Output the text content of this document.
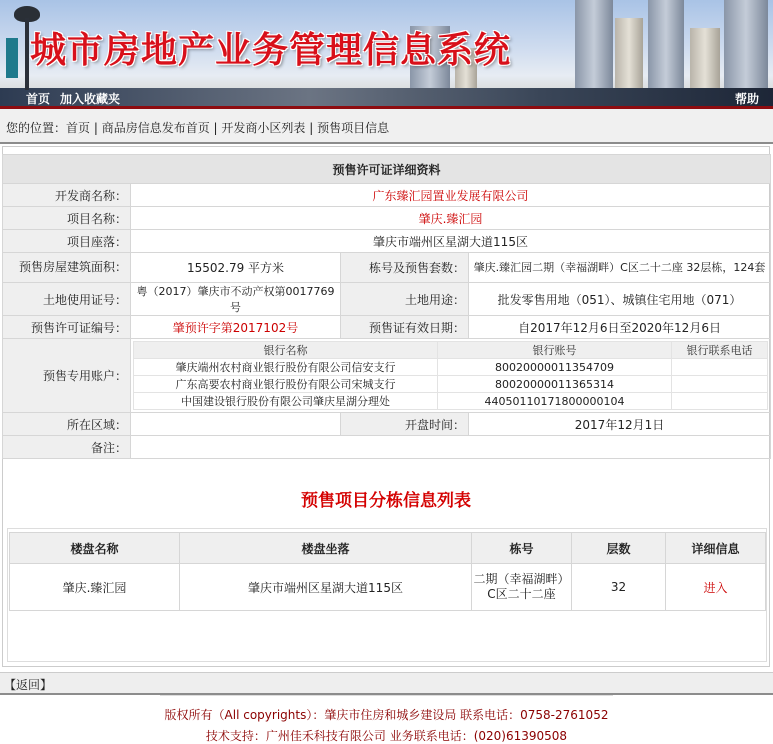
城市房地产业务管理信息系统
首页 加入收藏夹	帮助
您的位置：首页 | 商品房信息发布首页 | 开发商小区列表 | 预售项目信息
预售许可证详细资料
开发商名称：	广东臻汇园置业发展有限公司
项目名称：	肇庆.臻汇园
项目座落：	肇庆市端州区星湖大道115区
预售房屋建筑面积：	15502.79 平方米	栋号及预售套数：	肇庆.臻汇园二期（幸福湖畔）C区二十二座 32层栋，124套
土地使用证号：	粤（2017）肇庆市不动产权第0017769号	土地用途：	批发零售用地（051）、城镇住宅用地（071）
预售许可证编号：	肇预许字第2017102号	预售证有效日期：	自2017年12月6日至2020年12月6日
预售专用账户：	
银行名称	银行账号	银行联系电话
肇庆端州农村商业银行股份有限公司信安支行	80020000011354709	
广东高要农村商业银行股份有限公司宋城支行	80020000011365314	
中国建设银行股份有限公司肇庆星湖分理处	44050110171800000104	

所在区域：		开盘时间：	2017年12月1日
备注：	
预售项目分栋信息列表
楼盘名称	楼盘坐落	栋号	层数	详细信息
肇庆.臻汇园	肇庆市端州区星湖大道115区	二期（幸福湖畔）C区二十二座	32	进入
【返回】
版权所有（All copyrights）：肇庆市住房和城乡建设局 联系电话：0758-2761052
技术支持：广州佳禾科技有限公司 业务联系电话：(020)61390508
